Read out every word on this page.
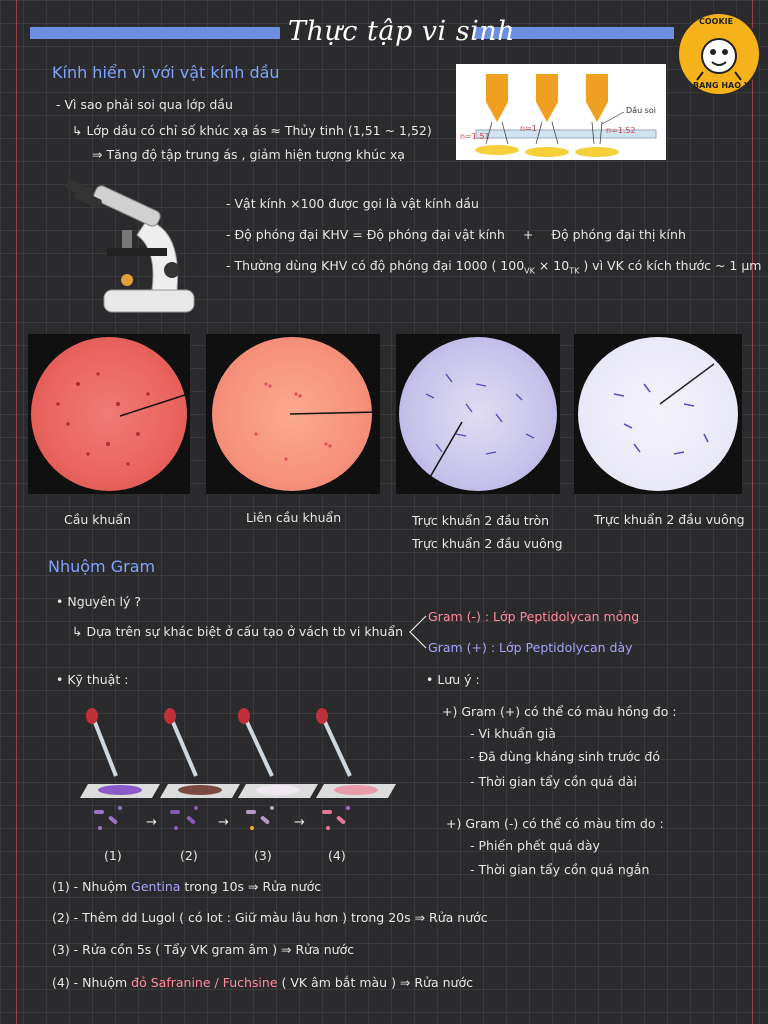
Thực tập vi sinh	COOKIE
BANG HAO X
Kính hiển vi với vật kính dầu
- Vì sao phải soi qua lớp dầu
↳ Lớp dầu có chỉ số khúc xạ ás ≈ Thủy tinh (1,51 ~ 1,52)
⇒ Tăng độ tập trung ás , giảm hiện tượng khúc xạ
n=1.51
n=1	n=1.52
Dầu soi
- Vật kính ×100 được gọi là vật kính dầu
- Độ phóng đại KHV = Độ phóng đại vật kính + Độ phóng đại thị kính
- Thường dùng KHV có độ phóng đại 1000 ( $100_{VK} \times 10_{TK}$ ) vì VK có kích thước ~ 1 μm
Cầu khuẩn	Liên cầu khuẩn	Trực khuẩn 2 đầu tròn
Trực khuẩn 2 đầu vuông
Trực khuẩn 2 đầu vuông
Nhuộm Gram
• Nguyên lý ?
↳ Dựa trên sự khác biệt ở cấu tạo ở vách tb vi khuẩn
Gram (-) : Lớp Peptidolycan mỏng
Gram (+) : Lớp Peptidolycan dày
• Kỹ thuật :	• Lưu ý :
+) Gram (+) có thể có màu hồng đo :
- Vi khuẩn già
- Đã dùng kháng sinh trước đó
- Thời gian tẩy cồn quá dài
+) Gram (-) có thể có màu tím do :
- Phiến phết quá dày
- Thời gian tẩy cồn quá ngắn
→	→	→
(1)	(2)	(3)	(4)
(1) - Nhuộm Gentina trong 10s ⇒ Rửa nước
(2) - Thêm dd Lugol ( có Iot : Giữ màu lâu hơn ) trong 20s ⇒ Rửa nước
(3) - Rửa cồn 5s ( Tẩy VK gram âm ) ⇒ Rửa nước
(4) - Nhuộm đỏ Safranine / Fuchsine ( VK âm bắt màu ) ⇒ Rửa nước
